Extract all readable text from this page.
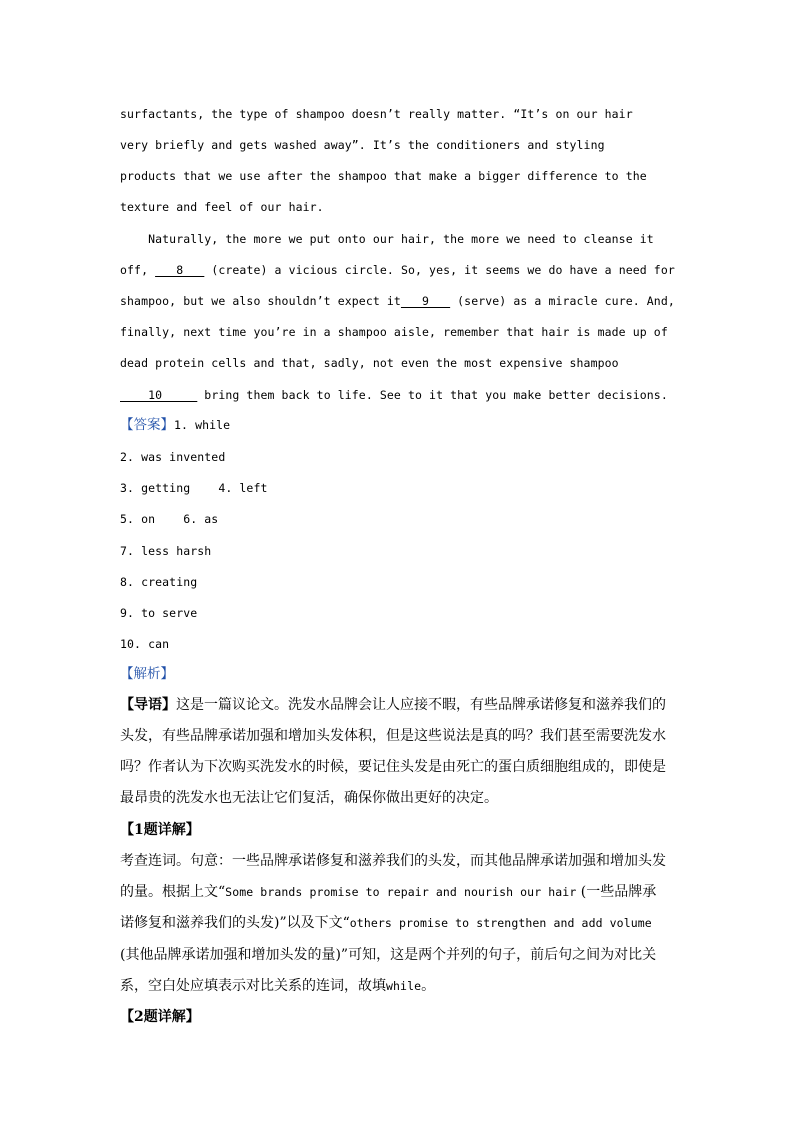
surfactants, the type of shampoo doesn’t really matter. “It’s on our hair
very briefly and gets washed away”. It’s the conditioners and styling
products that we use after the shampoo that make a bigger difference to the
texture and feel of our hair.
Naturally, the more we put onto our hair, the more we need to cleanse it
off, ___8___ (create) a vicious circle. So, yes, it seems we do have a need for
shampoo, but we also shouldn’t expect it___9___ (serve) as a miracle cure. And,
finally, next time you’re in a shampoo aisle, remember that hair is made up of
dead protein cells and that, sadly, not even the most expensive shampoo
____10_____ bring them back to life. See to it that you make better decisions.
【答案】1. while
2. was invented
3. getting    4. left
5. on    6. as
7. less harsh
8. creating
9. to serve
10. can
【解析】
【导语】这是一篇议论文。洗发水品牌会让人应接不暇，有些品牌承诺修复和滋养我们的
头发，有些品牌承诺加强和增加头发体积，但是这些说法是真的吗？我们甚至需要洗发水
吗？作者认为下次购买洗发水的时候，要记住头发是由死亡的蛋白质细胞组成的，即使是
最昂贵的洗发水也无法让它们复活，确保你做出更好的决定。
【1题详解】
考查连词。句意：一些品牌承诺修复和滋养我们的头发，而其他品牌承诺加强和增加头发
的量。根据上文“Some brands promise to repair and nourish our hair (一些品牌承
诺修复和滋养我们的头发)”以及下文“others promise to strengthen and add volume
(其他品牌承诺加强和增加头发的量)”可知，这是两个并列的句子，前后句之间为对比关
系，空白处应填表示对比关系的连词，故填while。
【2题详解】
